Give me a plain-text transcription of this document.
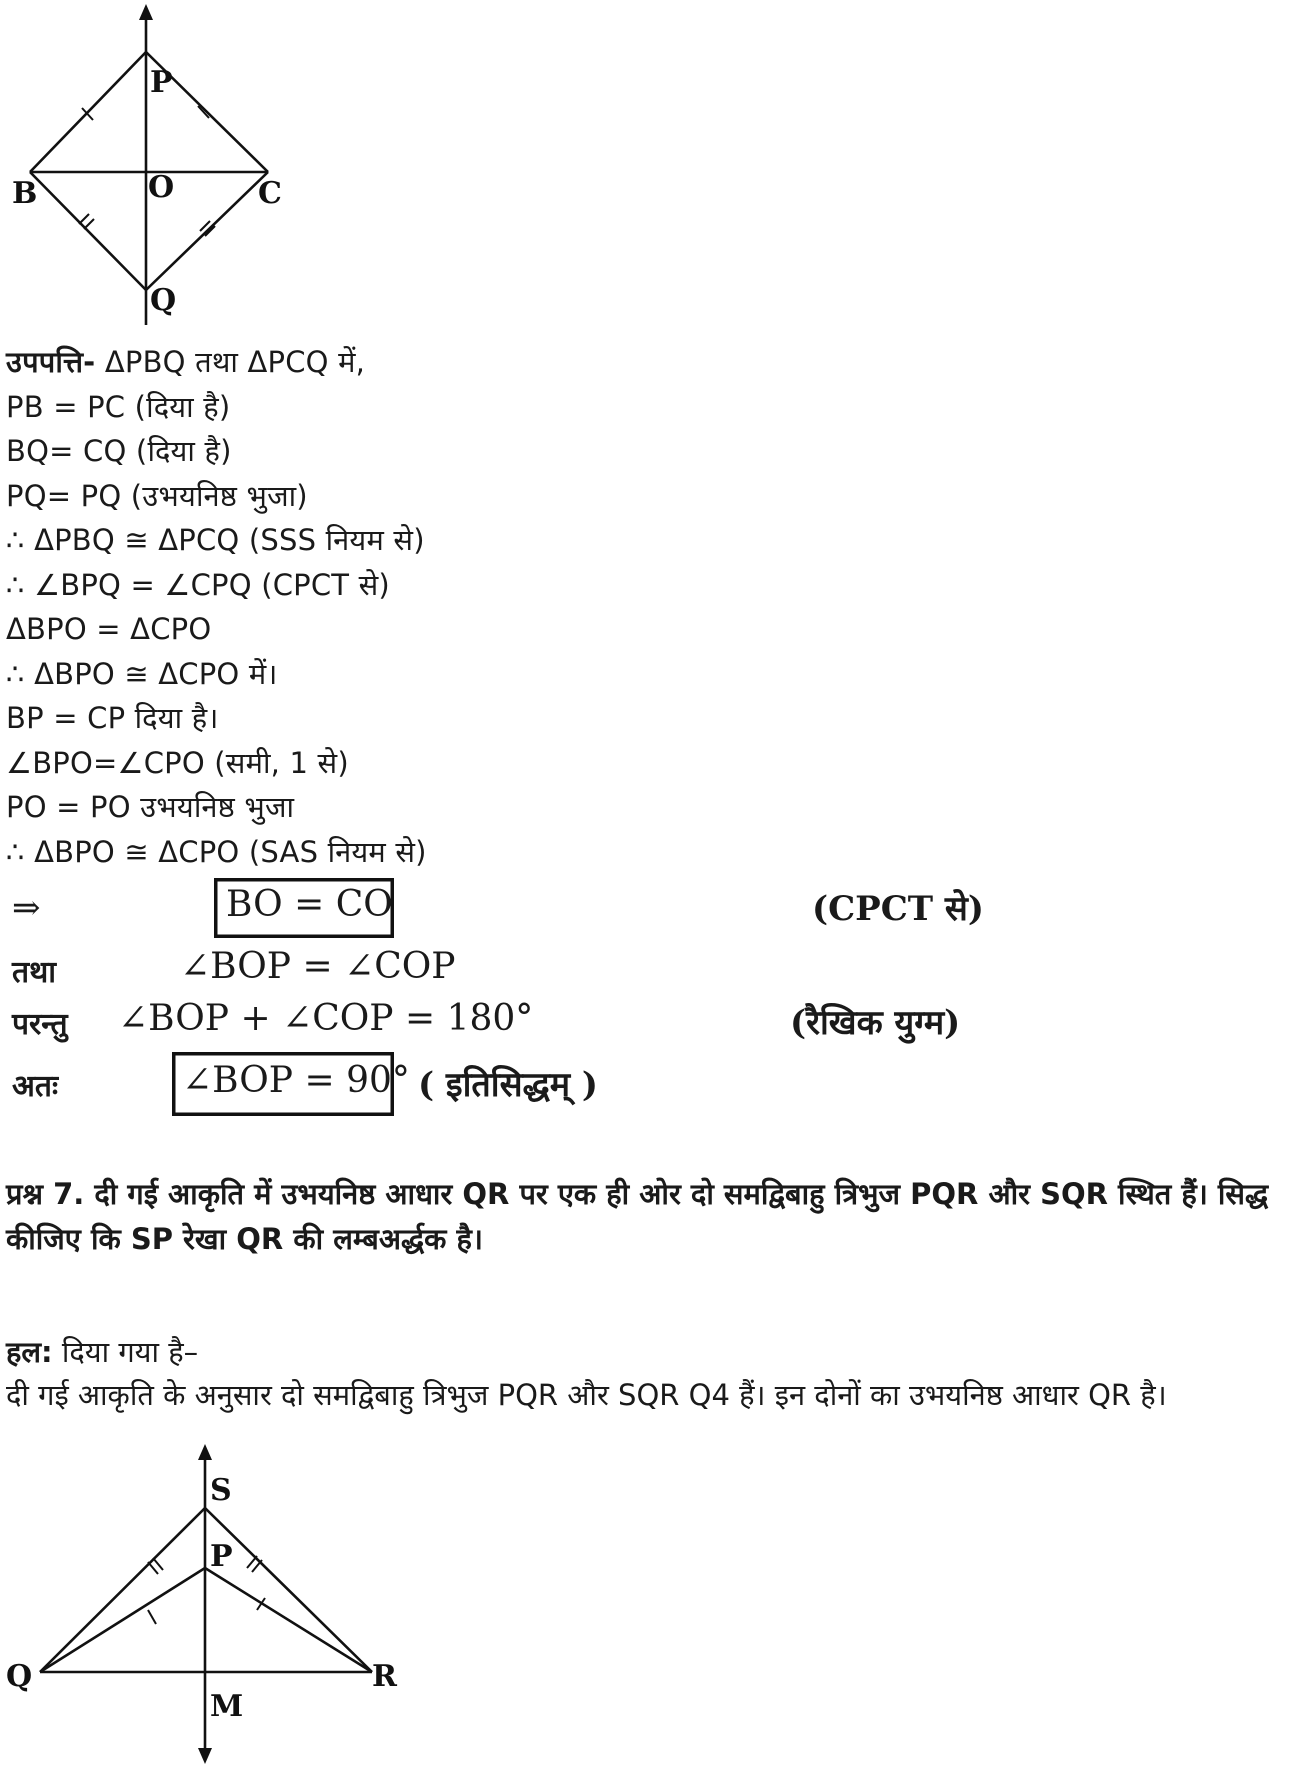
P
B	O	C
Q
उपपत्ति- ΔPBQ तथा ΔPCQ में,
PB = PC (दिया है)
BQ= CQ (दिया है)
PQ= PQ (उभयनिष्ठ भुजा)
∴ ΔPBQ ≅ ΔPCQ (SSS नियम से)
∴ ∠BPQ = ∠CPQ (CPCT से)
ΔBPO = ΔCPO
∴ ΔBPO ≅ ΔCPO में।
BP = CP दिया है।
∠BPO=∠CPO (समी, 1 से)
PO = PO उभयनिष्ठ भुजा
∴ ΔBPO ≅ ΔCPO (SAS नियम से)
⇒	BO = CO	(CPCT से)
तथा	∠BOP = ∠COP
परन्तु ∠BOP + ∠COP = 180°	(रैखिक युग्म)
अतः	∠BOP = 90° ( इतिसिद्धम् )

प्रश्न 7. दी गई आकृति में उभयनिष्ठ आधार QR पर एक ही ओर दो समद्विबाहु त्रिभुज PQR और SQR स्थित हैं। सिद्ध कीजिए कि SP रेखा QR की लम्बअर्द्धक है।

हल: दिया गया है–

दी गई आकृति के अनुसार दो समद्विबाहु त्रिभुज PQR और SQR Q4 हैं। इन दोनों का उभयनिष्ठ आधार QR है।

S
P
Q	R
M
